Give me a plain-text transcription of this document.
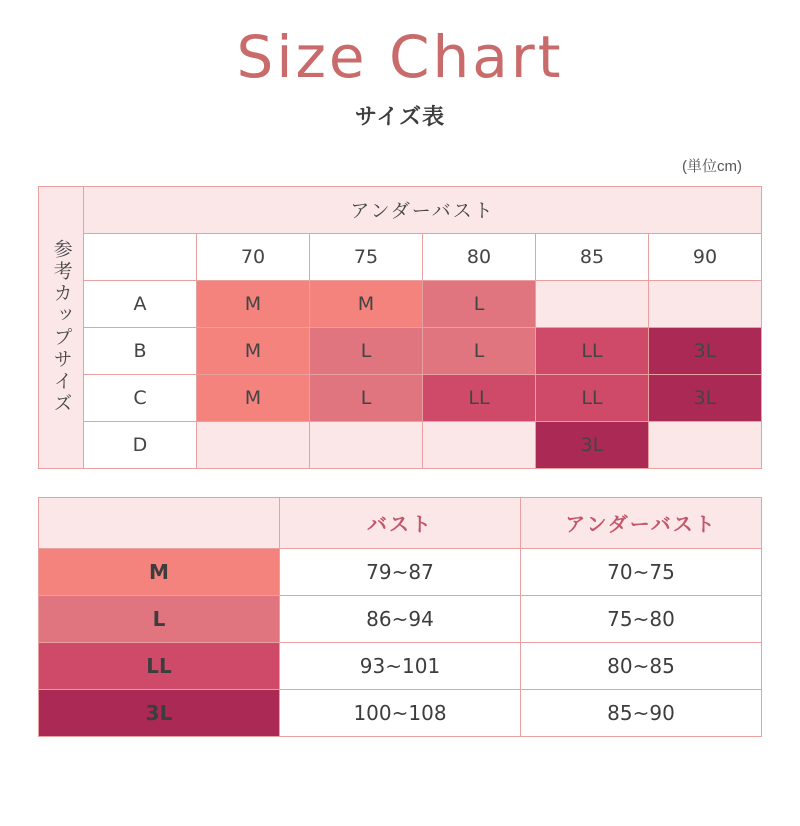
Size Chart
サイズ表
(単位cm)
参考カップサイズ	アンダーバスト					
		70	75	80	85	90
	A	M	M	L		
	B	M	L	L	LL	3L
	C	M	L	LL	LL	3L
	D				3L	
	バスト	アンダーバスト
M	79~87	70~75
L	86~94	75~80
LL	93~101	80~85
3L	100~108	85~90
